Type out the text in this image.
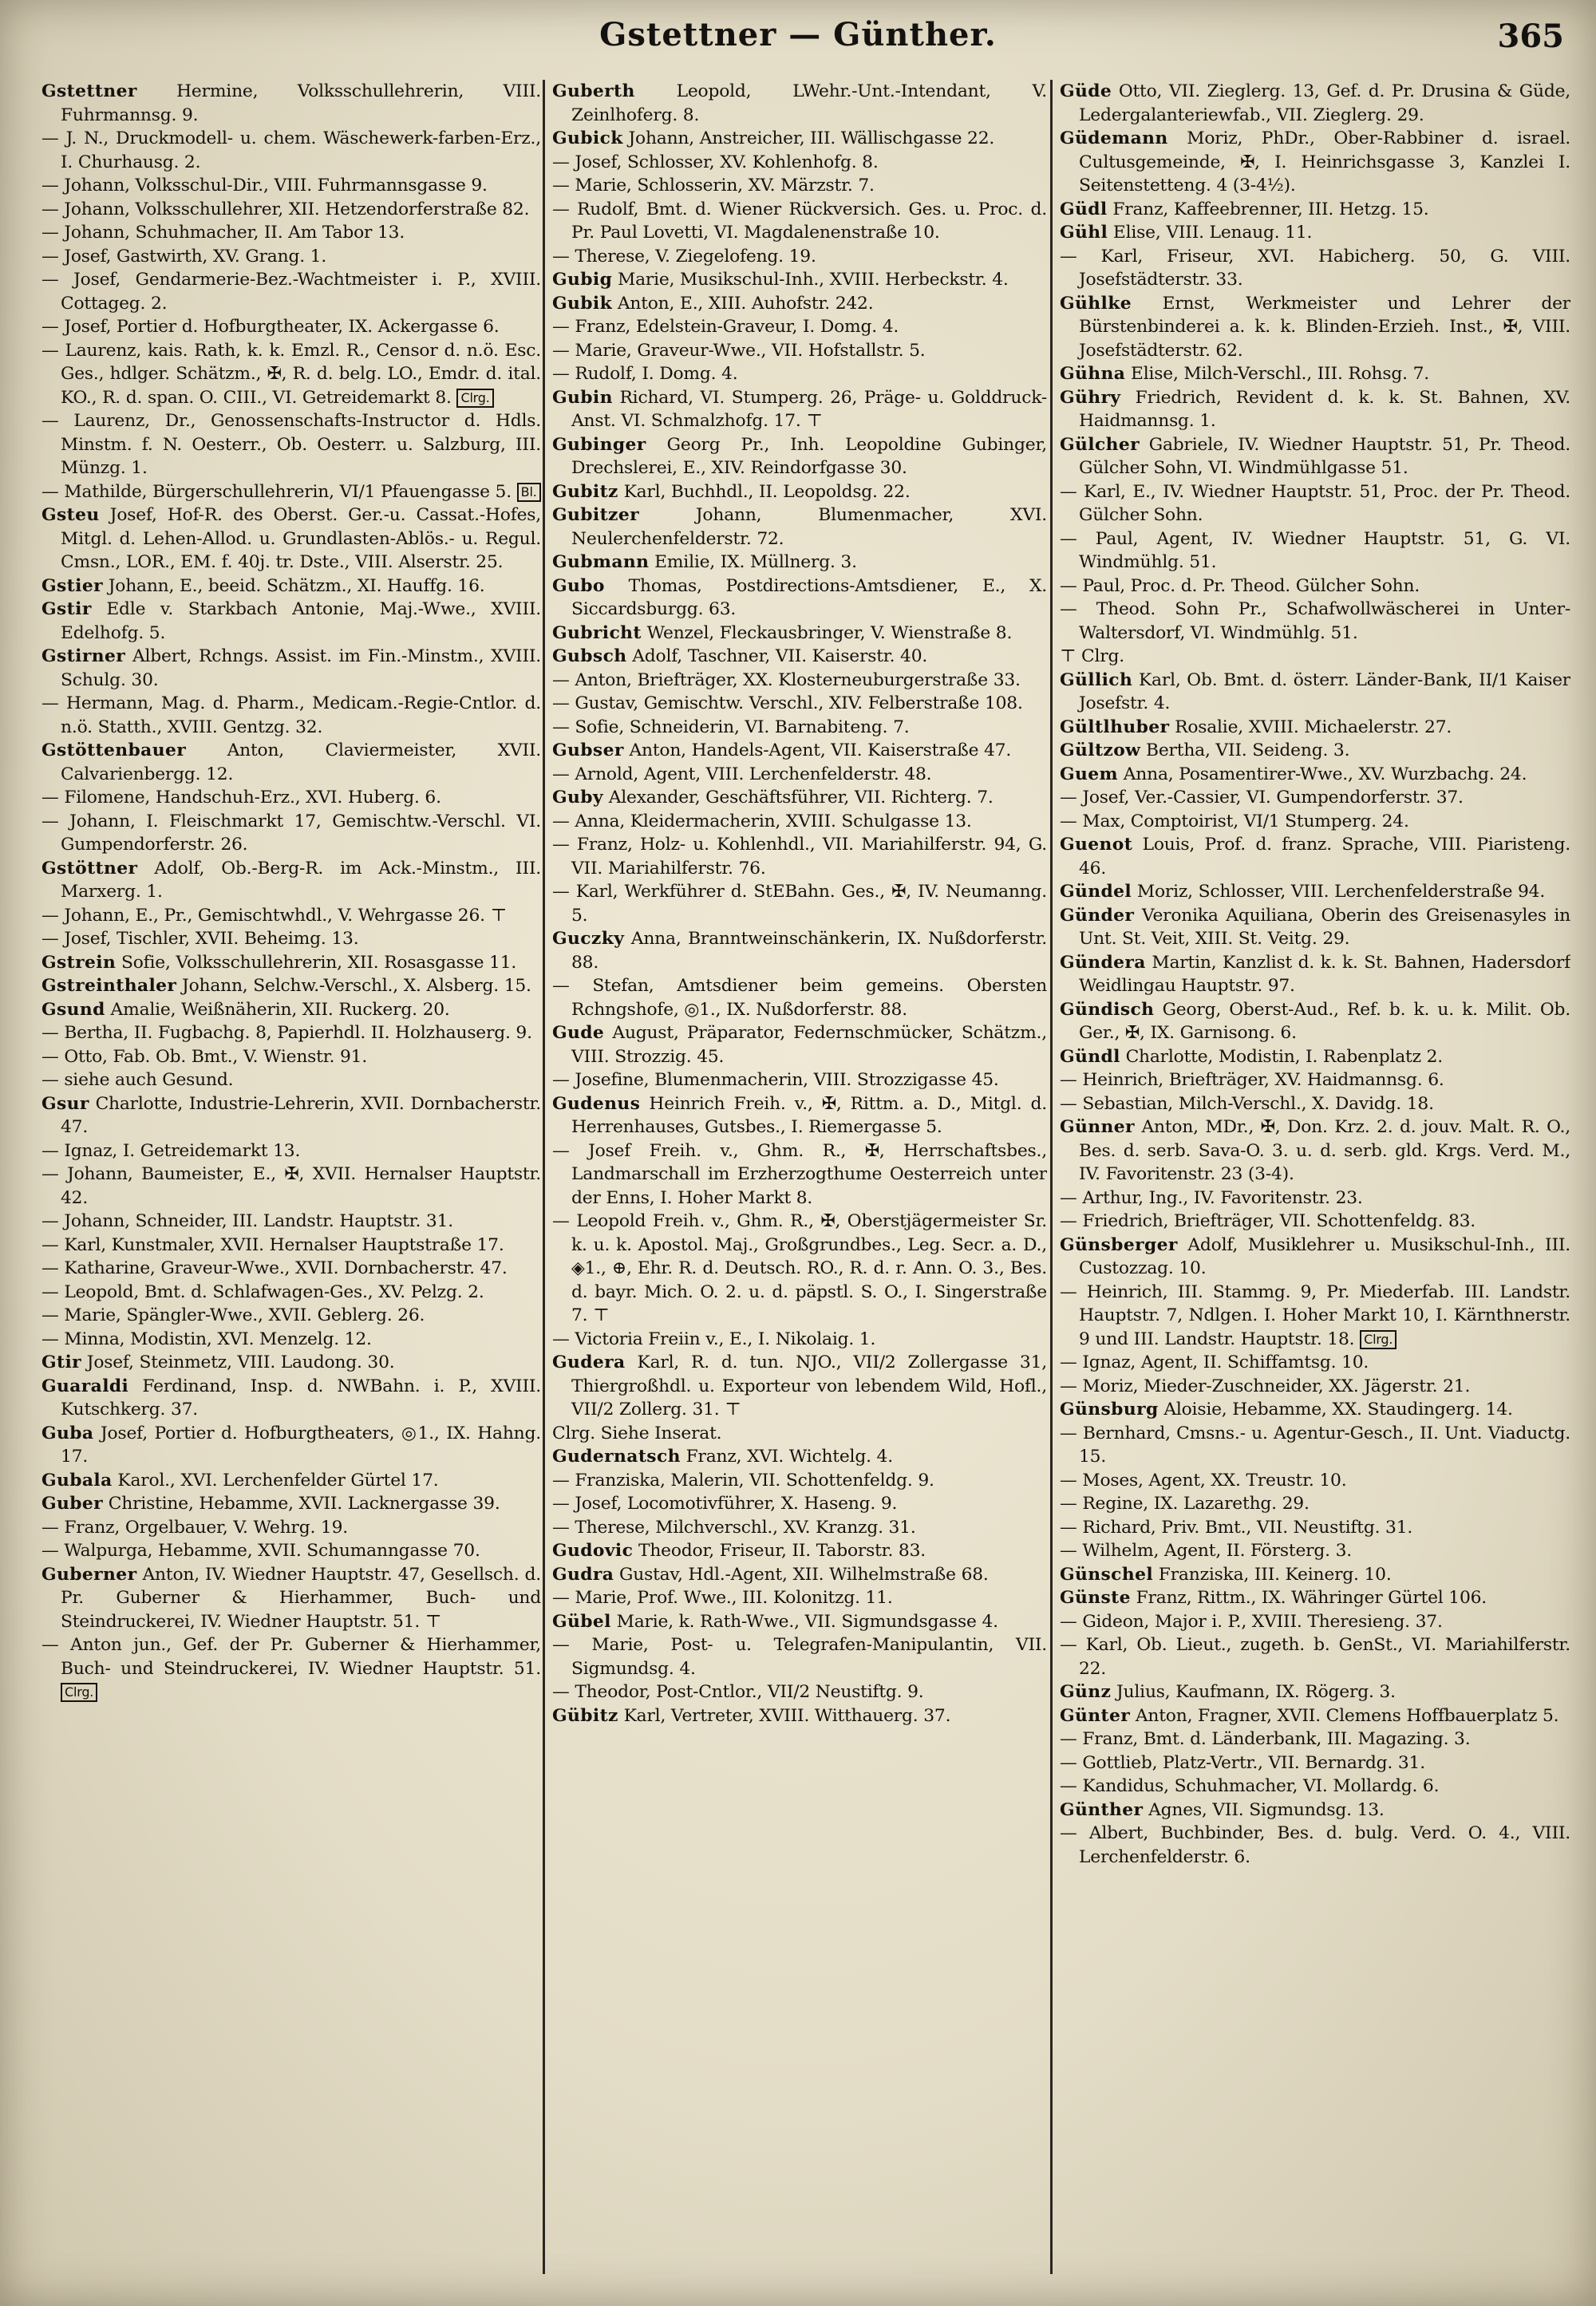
Gstettner — Günther.	365

Gstettner Hermine, Volksschullehrerin, VIII. Fuhrmannsg. 9.

— J. N., Druckmodell- u. chem. Wäschewerk-farben-Erz., I. Churhausg. 2.

— Johann, Volksschul-Dir., VIII. Fuhrmannsgasse 9.

— Johann, Volksschullehrer, XII. Hetzendorferstraße 82.

— Johann, Schuhmacher, II. Am Tabor 13.

— Josef, Gastwirth, XV. Grang. 1.

— Josef, Gendarmerie-Bez.-Wachtmeister i. P., XVIII. Cottageg. 2.

— Josef, Portier d. Hofburgtheater, IX. Ackergasse 6.

— Laurenz, kais. Rath, k. k. Emzl. R., Censor d. n.ö. Esc. Ges., hdlger. Schätzm., ✠, R. d. belg. LO., Emdr. d. ital. KO., R. d. span. O. CIII., VI. Getreidemarkt 8. Clrg.

— Laurenz, Dr., Genossenschafts-Instructor d. Hdls. Minstm. f. N. Oesterr., Ob. Oesterr. u. Salzburg, III. Münzg. 1.

— Mathilde, Bürgerschullehrerin, VI/1 Pfauengasse 5. Bl.

Gsteu Josef, Hof-R. des Oberst. Ger.-u. Cassat.-Hofes, Mitgl. d. Lehen-Allod. u. Grundlasten-Ablös.- u. Regul. Cmsn., LOR., EM. f. 40j. tr. Dste., VIII. Alserstr. 25.

Gstier Johann, E., beeid. Schätzm., XI. Hauffg. 16.

Gstir Edle v. Starkbach Antonie, Maj.-Wwe., XVIII. Edelhofg. 5.

Gstirner Albert, Rchngs. Assist. im Fin.-Minstm., XVIII. Schulg. 30.

— Hermann, Mag. d. Pharm., Medicam.-Regie-Cntlor. d. n.ö. Statth., XVIII. Gentzg. 32.

Gstöttenbauer Anton, Claviermeister, XVII. Calvarienbergg. 12.

— Filomene, Handschuh-Erz., XVI. Huberg. 6.

— Johann, I. Fleischmarkt 17, Gemischtw.-Verschl. VI. Gumpendorferstr. 26.

Gstöttner Adolf, Ob.-Berg-R. im Ack.-Minstm., III. Marxerg. 1.

— Johann, E., Pr., Gemischtwhdl., V. Wehrgasse 26. ⊤

— Josef, Tischler, XVII. Beheimg. 13.

Gstrein Sofie, Volksschullehrerin, XII. Rosasgasse 11.

Gstreinthaler Johann, Selchw.-Verschl., X. Alsberg. 15.

Gsund Amalie, Weißnäherin, XII. Ruckerg. 20.

— Bertha, II. Fugbachg. 8, Papierhdl. II. Holzhauserg. 9.

— Otto, Fab. Ob. Bmt., V. Wienstr. 91.

— siehe auch Gesund.

Gsur Charlotte, Industrie-Lehrerin, XVII. Dornbacherstr. 47.

— Ignaz, I. Getreidemarkt 13.

— Johann, Baumeister, E., ✠, XVII. Hernalser Hauptstr. 42.

— Johann, Schneider, III. Landstr. Hauptstr. 31.

— Karl, Kunstmaler, XVII. Hernalser Hauptstraße 17.

— Katharine, Graveur-Wwe., XVII. Dornbacherstr. 47.

— Leopold, Bmt. d. Schlafwagen-Ges., XV. Pelzg. 2.

— Marie, Spängler-Wwe., XVII. Geblerg. 26.

— Minna, Modistin, XVI. Menzelg. 12.

Gtir Josef, Steinmetz, VIII. Laudong. 30.

Guaraldi Ferdinand, Insp. d. NWBahn. i. P., XVIII. Kutschkerg. 37.

Guba Josef, Portier d. Hofburgtheaters, ◎1., IX. Hahng. 17.

Gubala Karol., XVI. Lerchenfelder Gürtel 17.

Guber Christine, Hebamme, XVII. Lacknergasse 39.

— Franz, Orgelbauer, V. Wehrg. 19.

— Walpurga, Hebamme, XVII. Schumanngasse 70.

Guberner Anton, IV. Wiedner Hauptstr. 47, Gesellsch. d. Pr. Guberner & Hierhammer, Buch- und Steindruckerei, IV. Wiedner Hauptstr. 51. ⊤

— Anton jun., Gef. der Pr. Guberner & Hierhammer, Buch- und Steindruckerei, IV. Wiedner Hauptstr. 51. Clrg.

Guberth Leopold, LWehr.-Unt.-Intendant, V. Zeinlhoferg. 8.

Gubick Johann, Anstreicher, III. Wällischgasse 22.

— Josef, Schlosser, XV. Kohlenhofg. 8.

— Marie, Schlosserin, XV. Märzstr. 7.

— Rudolf, Bmt. d. Wiener Rückversich. Ges. u. Proc. d. Pr. Paul Lovetti, VI. Magdalenenstraße 10.

— Therese, V. Ziegelofeng. 19.

Gubig Marie, Musikschul-Inh., XVIII. Herbeckstr. 4.

Gubik Anton, E., XIII. Auhofstr. 242.

— Franz, Edelstein-Graveur, I. Domg. 4.

— Marie, Graveur-Wwe., VII. Hofstallstr. 5.

— Rudolf, I. Domg. 4.

Gubin Richard, VI. Stumperg. 26, Präge- u. Golddruck-Anst. VI. Schmalzhofg. 17. ⊤

Gubinger Georg Pr., Inh. Leopoldine Gubinger, Drechslerei, E., XIV. Reindorfgasse 30.

Gubitz Karl, Buchhdl., II. Leopoldsg. 22.

Gubitzer Johann, Blumenmacher, XVI. Neulerchenfelderstr. 72.

Gubmann Emilie, IX. Müllnerg. 3.

Gubo Thomas, Postdirections-Amtsdiener, E., X. Siccardsburgg. 63.

Gubricht Wenzel, Fleckausbringer, V. Wienstraße 8.

Gubsch Adolf, Taschner, VII. Kaiserstr. 40.

— Anton, Briefträger, XX. Klosterneuburgerstraße 33.

— Gustav, Gemischtw. Verschl., XIV. Felberstraße 108.

— Sofie, Schneiderin, VI. Barnabiteng. 7.

Gubser Anton, Handels-Agent, VII. Kaiserstraße 47.

— Arnold, Agent, VIII. Lerchenfelderstr. 48.

Guby Alexander, Geschäftsführer, VII. Richterg. 7.

— Anna, Kleidermacherin, XVIII. Schulgasse 13.

— Franz, Holz- u. Kohlenhdl., VII. Mariahilferstr. 94, G. VII. Mariahilferstr. 76.

— Karl, Werkführer d. StEBahn. Ges., ✠, IV. Neumanng. 5.

Guczky Anna, Branntweinschänkerin, IX. Nußdorferstr. 88.

— Stefan, Amtsdiener beim gemeins. Obersten Rchngshofe, ◎1., IX. Nußdorferstr. 88.

Gude August, Präparator, Federnschmücker, Schätzm., VIII. Strozzig. 45.

— Josefine, Blumenmacherin, VIII. Strozzigasse 45.

Gudenus Heinrich Freih. v., ✠, Rittm. a. D., Mitgl. d. Herrenhauses, Gutsbes., I. Riemergasse 5.

— Josef Freih. v., Ghm. R., ✠, Herrschaftsbes., Landmarschall im Erzherzogthume Oesterreich unter der Enns, I. Hoher Markt 8.

— Leopold Freih. v., Ghm. R., ✠, Oberstjägermeister Sr. k. u. k. Apostol. Maj., Großgrundbes., Leg. Secr. a. D., ◈1., ⊕, Ehr. R. d. Deutsch. RO., R. d. r. Ann. O. 3., Bes. d. bayr. Mich. O. 2. u. d. päpstl. S. O., I. Singerstraße 7. ⊤

— Victoria Freiin v., E., I. Nikolaig. 1.

Gudera Karl, R. d. tun. NJO., VII/2 Zollergasse 31, Thiergroßhdl. u. Exporteur von lebendem Wild, Hofl., VII/2 Zollerg. 31. ⊤

Clrg. Siehe Inserat.

Gudernatsch Franz, XVI. Wichtelg. 4.

— Franziska, Malerin, VII. Schottenfeldg. 9.

— Josef, Locomotivführer, X. Haseng. 9.

— Therese, Milchverschl., XV. Kranzg. 31.

Gudovic Theodor, Friseur, II. Taborstr. 83.

Gudra Gustav, Hdl.-Agent, XII. Wilhelmstraße 68.

— Marie, Prof. Wwe., III. Kolonitzg. 11.

Gübel Marie, k. Rath-Wwe., VII. Sigmundsgasse 4.

— Marie, Post- u. Telegrafen-Manipulantin, VII. Sigmundsg. 4.

— Theodor, Post-Cntlor., VII/2 Neustiftg. 9.

Gübitz Karl, Vertreter, XVIII. Witthauerg. 37.

Güde Otto, VII. Zieglerg. 13, Gef. d. Pr. Drusina & Güde, Ledergalanteriewfab., VII. Zieglerg. 29.

Güdemann Moriz, PhDr., Ober-Rabbiner d. israel. Cultusgemeinde, ✠, I. Heinrichsgasse 3, Kanzlei I. Seitenstetteng. 4 (3-4½).

Güdl Franz, Kaffeebrenner, III. Hetzg. 15.

Gühl Elise, VIII. Lenaug. 11.

— Karl, Friseur, XVI. Habicherg. 50, G. VIII. Josefstädterstr. 33.

Gühlke Ernst, Werkmeister und Lehrer der Bürstenbinderei a. k. k. Blinden-Erzieh. Inst., ✠, VIII. Josefstädterstr. 62.

Gühna Elise, Milch-Verschl., III. Rohsg. 7.

Gühry Friedrich, Revident d. k. k. St. Bahnen, XV. Haidmannsg. 1.

Gülcher Gabriele, IV. Wiedner Hauptstr. 51, Pr. Theod. Gülcher Sohn, VI. Windmühlgasse 51.

— Karl, E., IV. Wiedner Hauptstr. 51, Proc. der Pr. Theod. Gülcher Sohn.

— Paul, Agent, IV. Wiedner Hauptstr. 51, G. VI. Windmühlg. 51.

— Paul, Proc. d. Pr. Theod. Gülcher Sohn.

— Theod. Sohn Pr., Schafwollwäscherei in Unter-Waltersdorf, VI. Windmühlg. 51.

⊤ Clrg.

Güllich Karl, Ob. Bmt. d. österr. Länder-Bank, II/1 Kaiser Josefstr. 4.

Gültlhuber Rosalie, XVIII. Michaelerstr. 27.

Gültzow Bertha, VII. Seideng. 3.

Guem Anna, Posamentirer-Wwe., XV. Wurzbachg. 24.

— Josef, Ver.-Cassier, VI. Gumpendorferstr. 37.

— Max, Comptoirist, VI/1 Stumperg. 24.

Guenot Louis, Prof. d. franz. Sprache, VIII. Piaristeng. 46.

Gündel Moriz, Schlosser, VIII. Lerchenfelderstraße 94.

Günder Veronika Aquiliana, Oberin des Greisenasyles in Unt. St. Veit, XIII. St. Veitg. 29.

Gündera Martin, Kanzlist d. k. k. St. Bahnen, Hadersdorf Weidlingau Hauptstr. 97.

Gündisch Georg, Oberst-Aud., Ref. b. k. u. k. Milit. Ob. Ger., ✠, IX. Garnisong. 6.

Gündl Charlotte, Modistin, I. Rabenplatz 2.

— Heinrich, Briefträger, XV. Haidmannsg. 6.

— Sebastian, Milch-Verschl., X. Davidg. 18.

Günner Anton, MDr., ✠, Don. Krz. 2. d. jouv. Malt. R. O., Bes. d. serb. Sava-O. 3. u. d. serb. gld. Krgs. Verd. M., IV. Favoritenstr. 23 (3-4).

— Arthur, Ing., IV. Favoritenstr. 23.

— Friedrich, Briefträger, VII. Schottenfeldg. 83.

Günsberger Adolf, Musiklehrer u. Musikschul-Inh., III. Custozzag. 10.

— Heinrich, III. Stammg. 9, Pr. Miederfab. III. Landstr. Hauptstr. 7, Ndlgen. I. Hoher Markt 10, I. Kärnthnerstr. 9 und III. Landstr. Hauptstr. 18. Clrg.

— Ignaz, Agent, II. Schiffamtsg. 10.

— Moriz, Mieder-Zuschneider, XX. Jägerstr. 21.

Günsburg Aloisie, Hebamme, XX. Staudingerg. 14.

— Bernhard, Cmsns.- u. Agentur-Gesch., II. Unt. Viaductg. 15.

— Moses, Agent, XX. Treustr. 10.

— Regine, IX. Lazarethg. 29.

— Richard, Priv. Bmt., VII. Neustiftg. 31.

— Wilhelm, Agent, II. Försterg. 3.

Günschel Franziska, III. Keinerg. 10.

Günste Franz, Rittm., IX. Währinger Gürtel 106.

— Gideon, Major i. P., XVIII. Theresieng. 37.

— Karl, Ob. Lieut., zugeth. b. GenSt., VI. Mariahilferstr. 22.

Günz Julius, Kaufmann, IX. Rögerg. 3.

Günter Anton, Fragner, XVII. Clemens Hoffbauerplatz 5.

— Franz, Bmt. d. Länderbank, III. Magazing. 3.

— Gottlieb, Platz-Vertr., VII. Bernardg. 31.

— Kandidus, Schuhmacher, VI. Mollardg. 6.

Günther Agnes, VII. Sigmundsg. 13.

— Albert, Buchbinder, Bes. d. bulg. Verd. O. 4., VIII. Lerchenfelderstr. 6.
